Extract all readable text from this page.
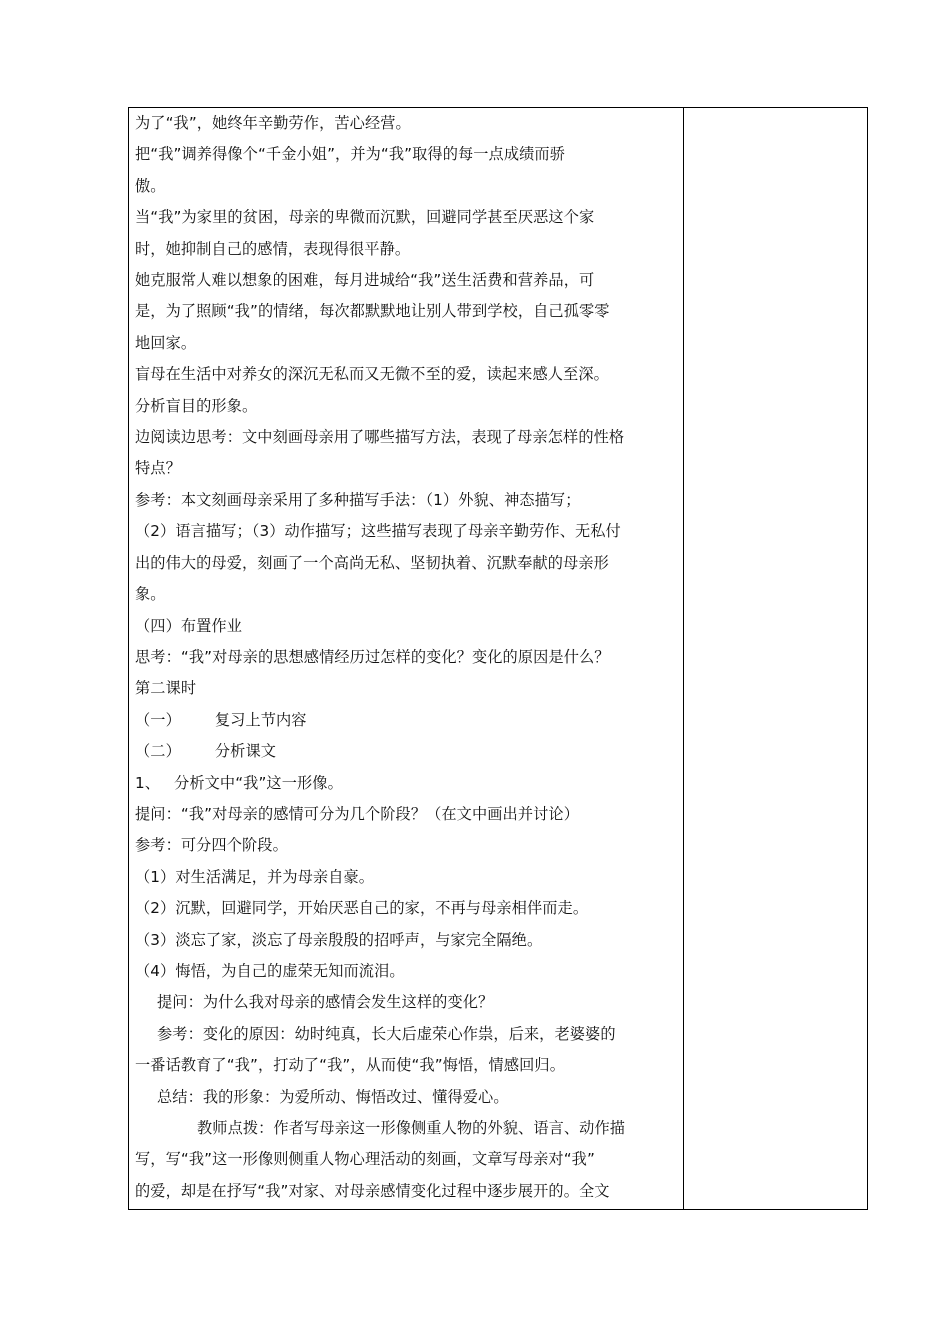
为了“我”，她终年辛勤劳作，苦心经营。

把“我”调养得像个“千金小姐”，并为“我”取得的每一点成绩而骄

傲。

当“我”为家里的贫困，母亲的卑微而沉默，回避同学甚至厌恶这个家

时，她抑制自己的感情，表现得很平静。

她克服常人难以想象的困难，每月进城给“我”送生活费和营养品，可

是，为了照顾“我”的情绪，每次都默默地让别人带到学校，自己孤零零

地回家。

盲母在生活中对养女的深沉无私而又无微不至的爱，读起来感人至深。

分析盲目的形象。

边阅读边思考：文中刻画母亲用了哪些描写方法，表现了母亲怎样的性格

特点？

参考：本文刻画母亲采用了多种描写手法：（1）外貌、神态描写；

（2）语言描写；（3）动作描写；这些描写表现了母亲辛勤劳作、无私付

出的伟大的母爱，刻画了一个高尚无私、坚韧执着、沉默奉献的母亲形

象。

（四）布置作业

思考：“我”对母亲的思想感情经历过怎样的变化？变化的原因是什么？

第二课时

（一） 复习上节内容

（二） 分析课文

1、 分析文中“我”这一形像。

提问：“我”对母亲的感情可分为几个阶段？（在文中画出并讨论）

参考：可分四个阶段。

（1）对生活满足，并为母亲自豪。

（2）沉默，回避同学，开始厌恶自己的家，不再与母亲相伴而走。

（3）淡忘了家，淡忘了母亲殷殷的招呼声，与家完全隔绝。

（4）悔悟，为自己的虚荣无知而流泪。

提问：为什么我对母亲的感情会发生这样的变化？

参考：变化的原因：幼时纯真，长大后虚荣心作祟，后来，老婆婆的

一番话教育了“我”，打动了“我”，从而使“我”悔悟，情感回归。

总结：我的形象：为爱所动、悔悟改过、懂得爱心。

教师点拨：作者写母亲这一形像侧重人物的外貌、语言、动作描

写，写“我”这一形像则侧重人物心理活动的刻画，文章写母亲对“我”

的爱，却是在抒写“我”对家、对母亲感情变化过程中逐步展开的。全文
